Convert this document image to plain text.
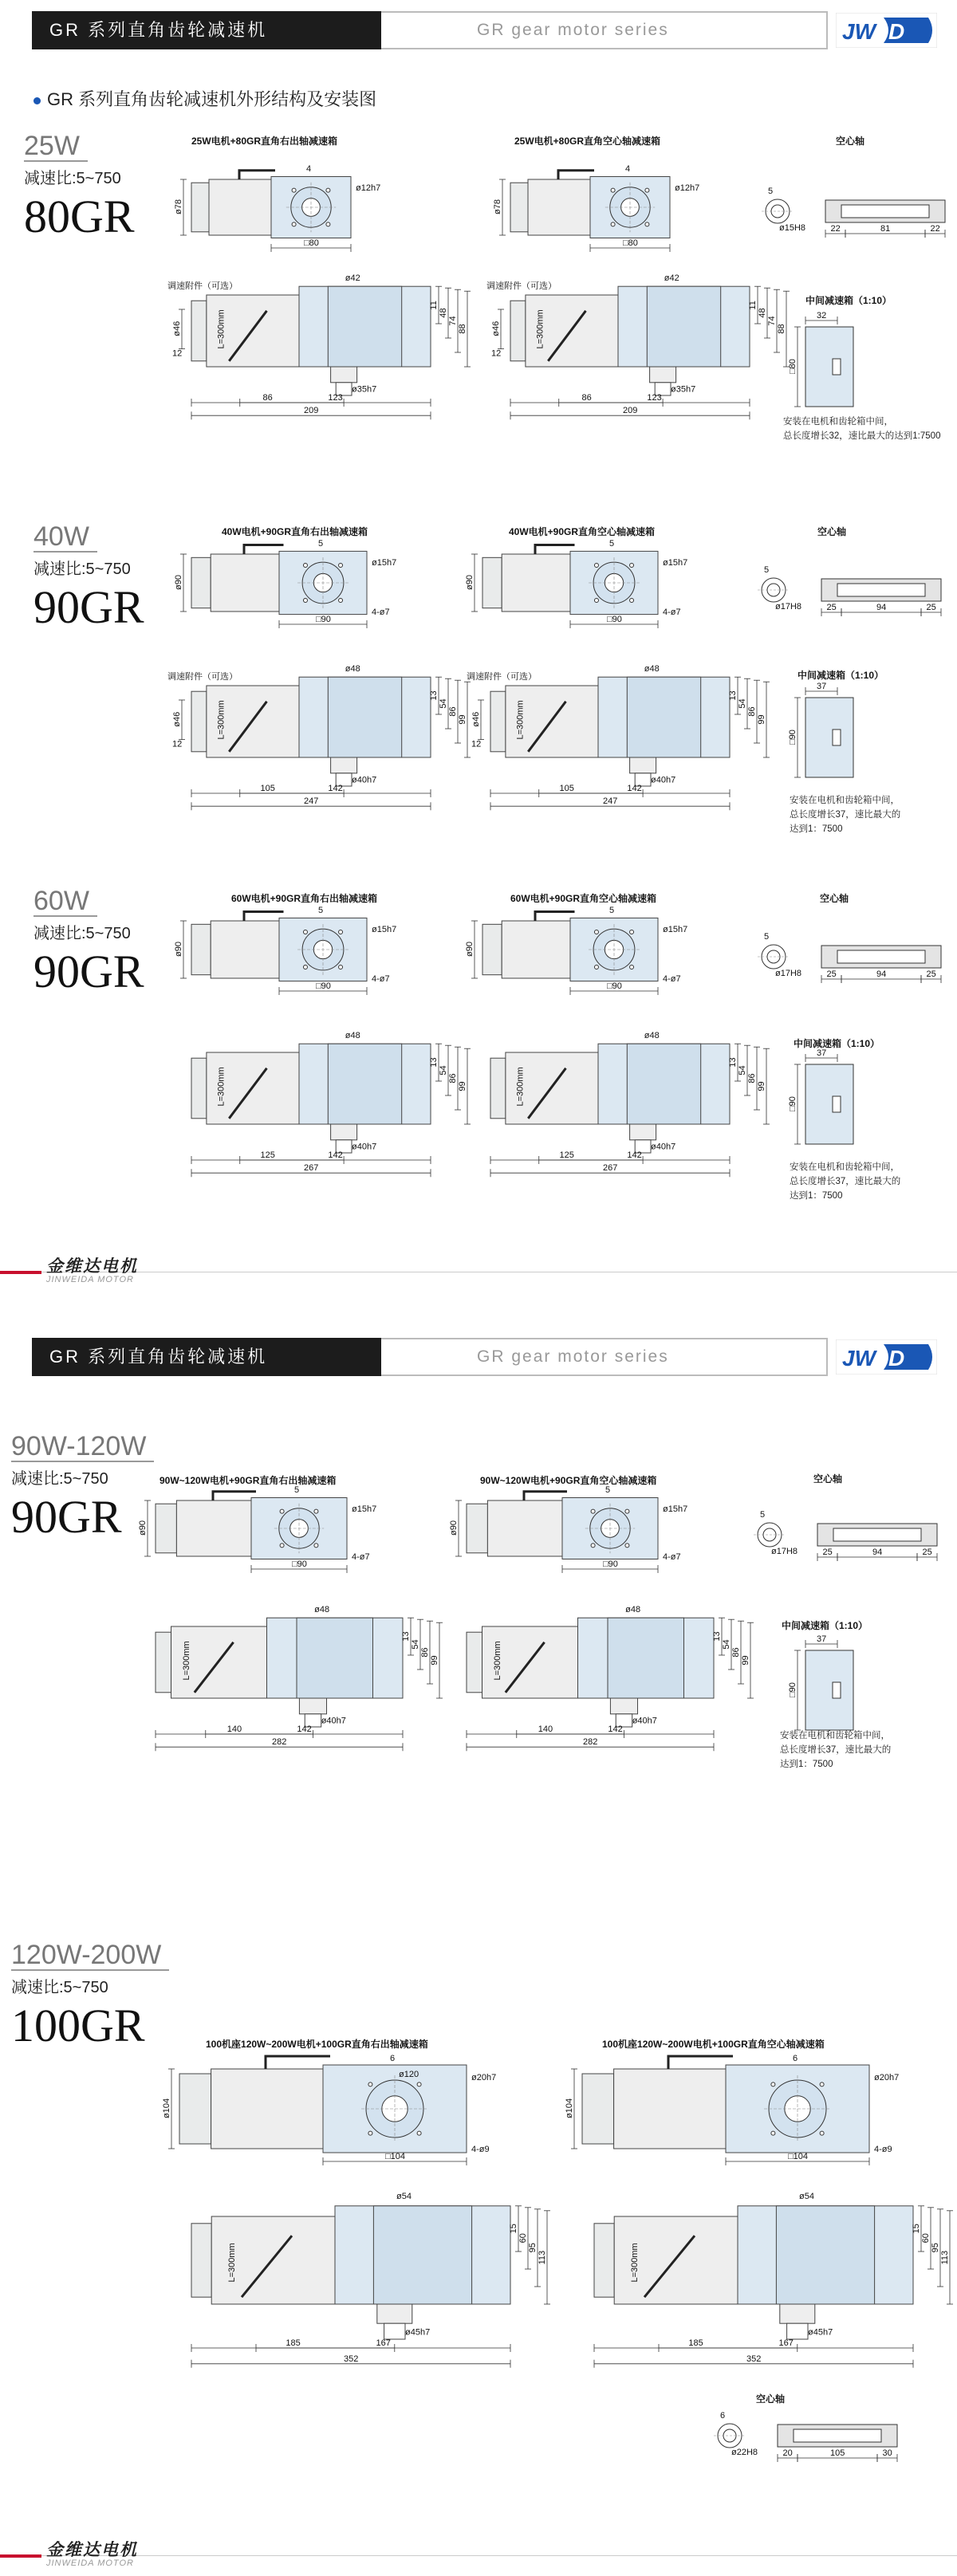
GR 系列直角齿轮减速机	GR gear motor series	JW D
GR 系列直角齿轮减速机外形结构及安装图
25W
减速比:5~750
80GR
40W
减速比:5~750
90GR
60W
减速比:5~750
90GR
25W电机+80GR直角右出轴减速箱	25W电机+80GR直角空心轴减速箱	空心轴
中间减速箱（1:10）
安装在电机和齿轮箱中间，
总长度增长32，速比最大的达到1:7500
40W电机+90GR直角右出轴减速箱	40W电机+90GR直角空心轴减速箱	空心轴
中间减速箱（1:10）
安装在电机和齿轮箱中间，
总长度增长37，速比最大的
达到1：7500
60W电机+90GR直角右出轴减速箱	60W电机+90GR直角空心轴减速箱	空心轴
中间减速箱（1:10）
安装在电机和齿轮箱中间，
总长度增长37，速比最大的
达到1：7500
ø78
□80
ø12h7
4
ø78
□80
ø12h7
4
L=300mm
ø42
ø35h7
11
48
74
88
86	123
209
调速附件（可选）
ø46
12
L=300mm
ø42
ø35h7
11
48
74
88
86	123
209
调速附件（可选）
ø46
12
5
ø15H8	22	81	22
32
□80
ø90
□90
ø15h7
5
4-ø7
ø90
□90
ø15h7
5
4-ø7
L=300mm
ø48
ø40h7
13
54
86
99
105	142
247
调速附件（可选）
ø46
12
L=300mm
ø48
ø40h7
13
54
86
99
105	142
247
调速附件（可选）
ø46
12
5
ø17H8	25	94	25
37
□90
ø90
□90
ø15h7
5
4-ø7
ø90
□90
ø15h7
5
4-ø7
L=300mm
ø48
ø40h7
13
54
86
99
125	142
267
L=300mm
ø48
ø40h7
13
54
86
99
125	142
267
5
ø17H8	25	94	25
37
□90
金维达电机
JINWEIDA MOTOR
GR 系列直角齿轮减速机	GR gear motor series	JW D
90W-120W
减速比:5~750
90GR
120W-200W
减速比:5~750
100GR
90W~120W电机+90GR直角右出轴减速箱	90W~120W电机+90GR直角空心轴减速箱	空心轴
中间减速箱（1:10）
安装在电机和齿轮箱中间，
总长度增长37，速比最大的
达到1：7500
100机座120W~200W电机+100GR直角右出轴减速箱	100机座120W~200W电机+100GR直角空心轴减速箱
空心轴
ø90
□90
ø15h7
5
4-ø7
ø90
□90
ø15h7
5
4-ø7
L=300mm
ø48
ø40h7
13
54
86
99
140	142
282
L=300mm
ø48
ø40h7
13
54
86
99
140	142
282
5
ø17H8	25	94	25
37
□90
ø104
□104
ø20h7
6
4-ø9
ø104
□104
ø20h7
6
4-ø9
L=300mm
ø54
ø45h7
15
60
95
113
185	167
352
L=300mm
ø54
ø45h7
15
60
95
113
185	167
352
6
ø22H8	20	105	30
ø120
金维达电机
JINWEIDA MOTOR
